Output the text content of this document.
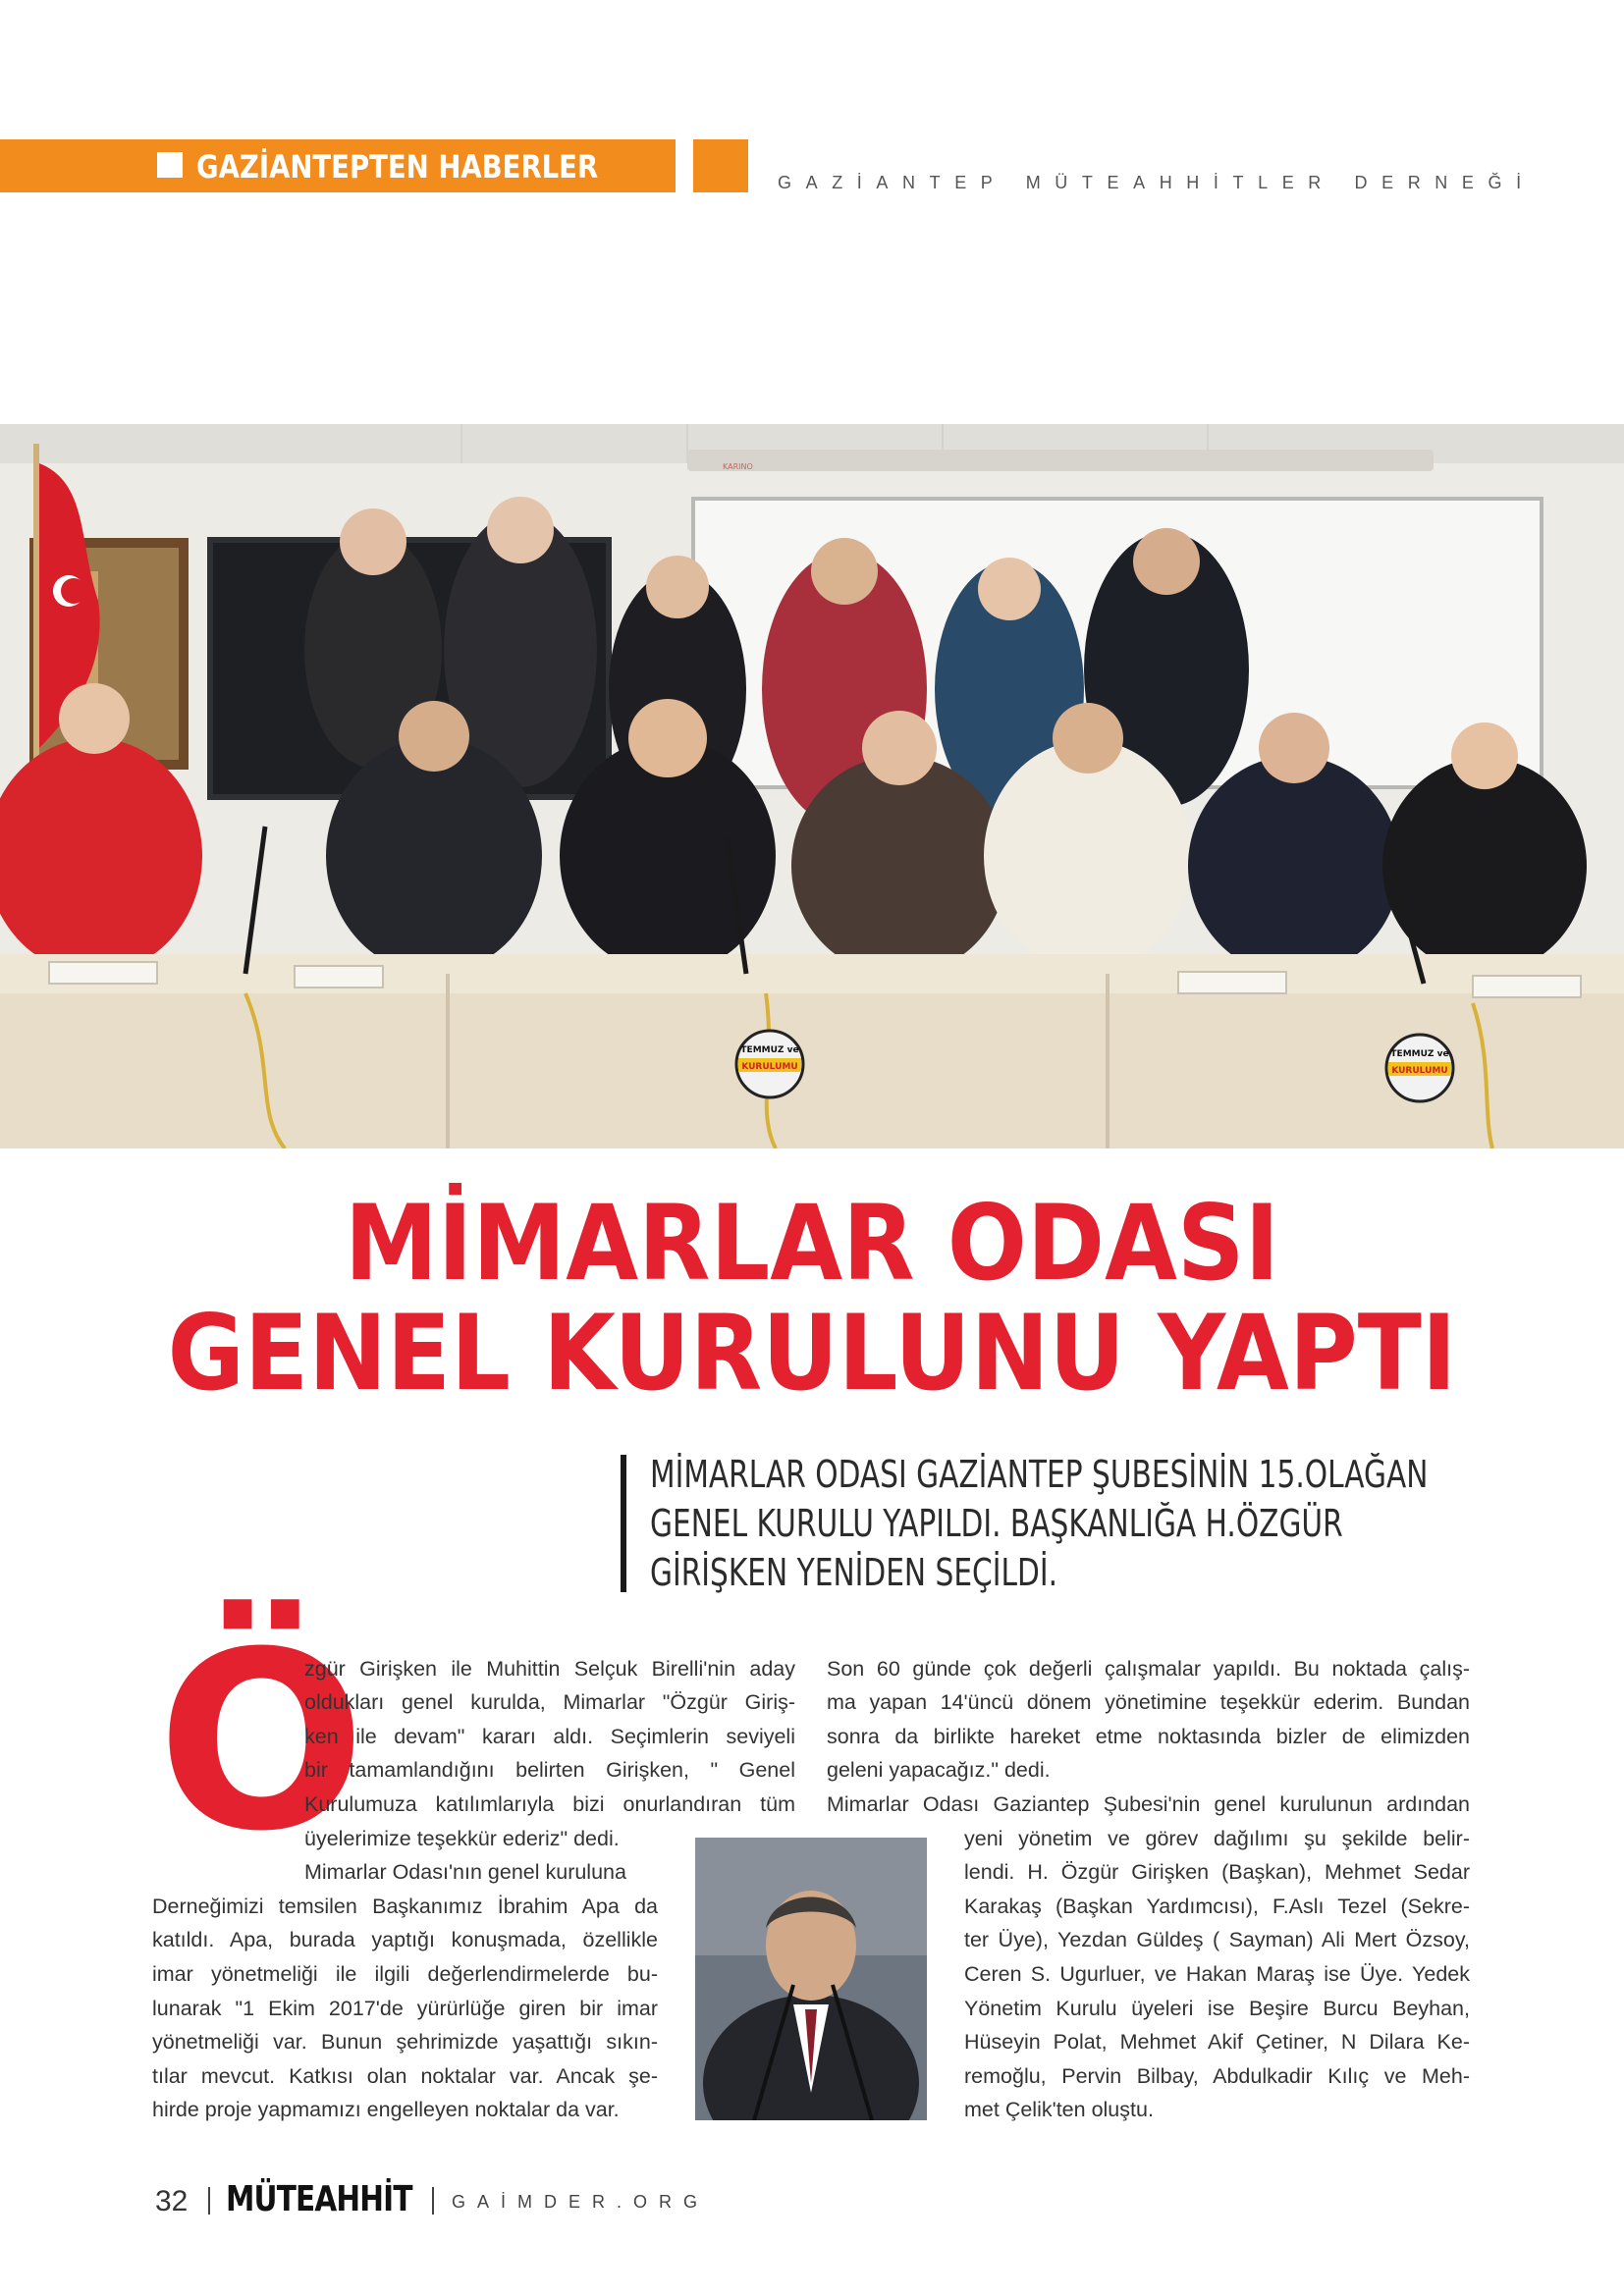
GAZİANTEPTEN HABERLER	GAZİANTEP MÜTEAHHİTLER DERNEĞİ
TEMMUZ ve
KURULUMU
TEMMUZ ve
KURULUMU
KARINO
MİMARLAR ODASI
GENEL KURULUNU YAPTI
MİMARLAR ODASI GAZİANTEP ŞUBESİNİN 15.OLAĞAN
GENEL KURULU YAPILDI. BAŞKANLIĞA H.ÖZGÜR
GİRİŞKEN YENİDEN SEÇİLDİ.
Ö
zgür Girişken ile Muhittin Selçuk Birelli'nin aday
oldukları genel kurulda, Mimarlar "Özgür Giriş-
ken ile devam" kararı aldı. Seçimlerin seviyeli
bir tamamlandığını belirten Girişken, " Genel
Kurulumuza katılımlarıyla bizi onurlandıran tüm
üyelerimize teşekkür ederiz" dedi.
Mimarlar Odası'nın genel kuruluna
Derneğimizi temsilen Başkanımız İbrahim Apa da
katıldı. Apa, burada yaptığı konuşmada, özellikle
imar yönetmeliği ile ilgili değerlendirmelerde bu-
lunarak "1 Ekim 2017'de yürürlüğe giren bir imar
yönetmeliği var. Bunun şehrimizde yaşattığı sıkın-
tılar mevcut. Katkısı olan noktalar var. Ancak şe-
hirde proje yapmamızı engelleyen noktalar da var.
Son 60 günde çok değerli çalışmalar yapıldı. Bu noktada çalış-
ma yapan 14'üncü dönem yönetimine teşekkür ederim. Bundan
sonra da birlikte hareket etme noktasında bizler de elimizden
geleni yapacağız." dedi.
Mimarlar Odası Gaziantep Şubesi'nin genel kurulunun ardından
yeni yönetim ve görev dağılımı şu şekilde belir-
lendi. H. Özgür Girişken (Başkan), Mehmet Sedar
Karakaş (Başkan Yardımcısı), F.Aslı Tezel (Sekre-
ter Üye), Yezdan Güldeş ( Sayman) Ali Mert Özsoy,
Ceren S. Ugurluer, ve Hakan Maraş ise Üye. Yedek
Yönetim Kurulu üyeleri ise Beşire Burcu Beyhan,
Hüseyin Polat, Mehmet Akif Çetiner, N Dilara Ke-
remoğlu, Pervin Bilbay, Abdulkadir Kılıç ve Meh-
met Çelik'ten oluştu.
32 MÜTEAHHİT GAİMDER.ORG
